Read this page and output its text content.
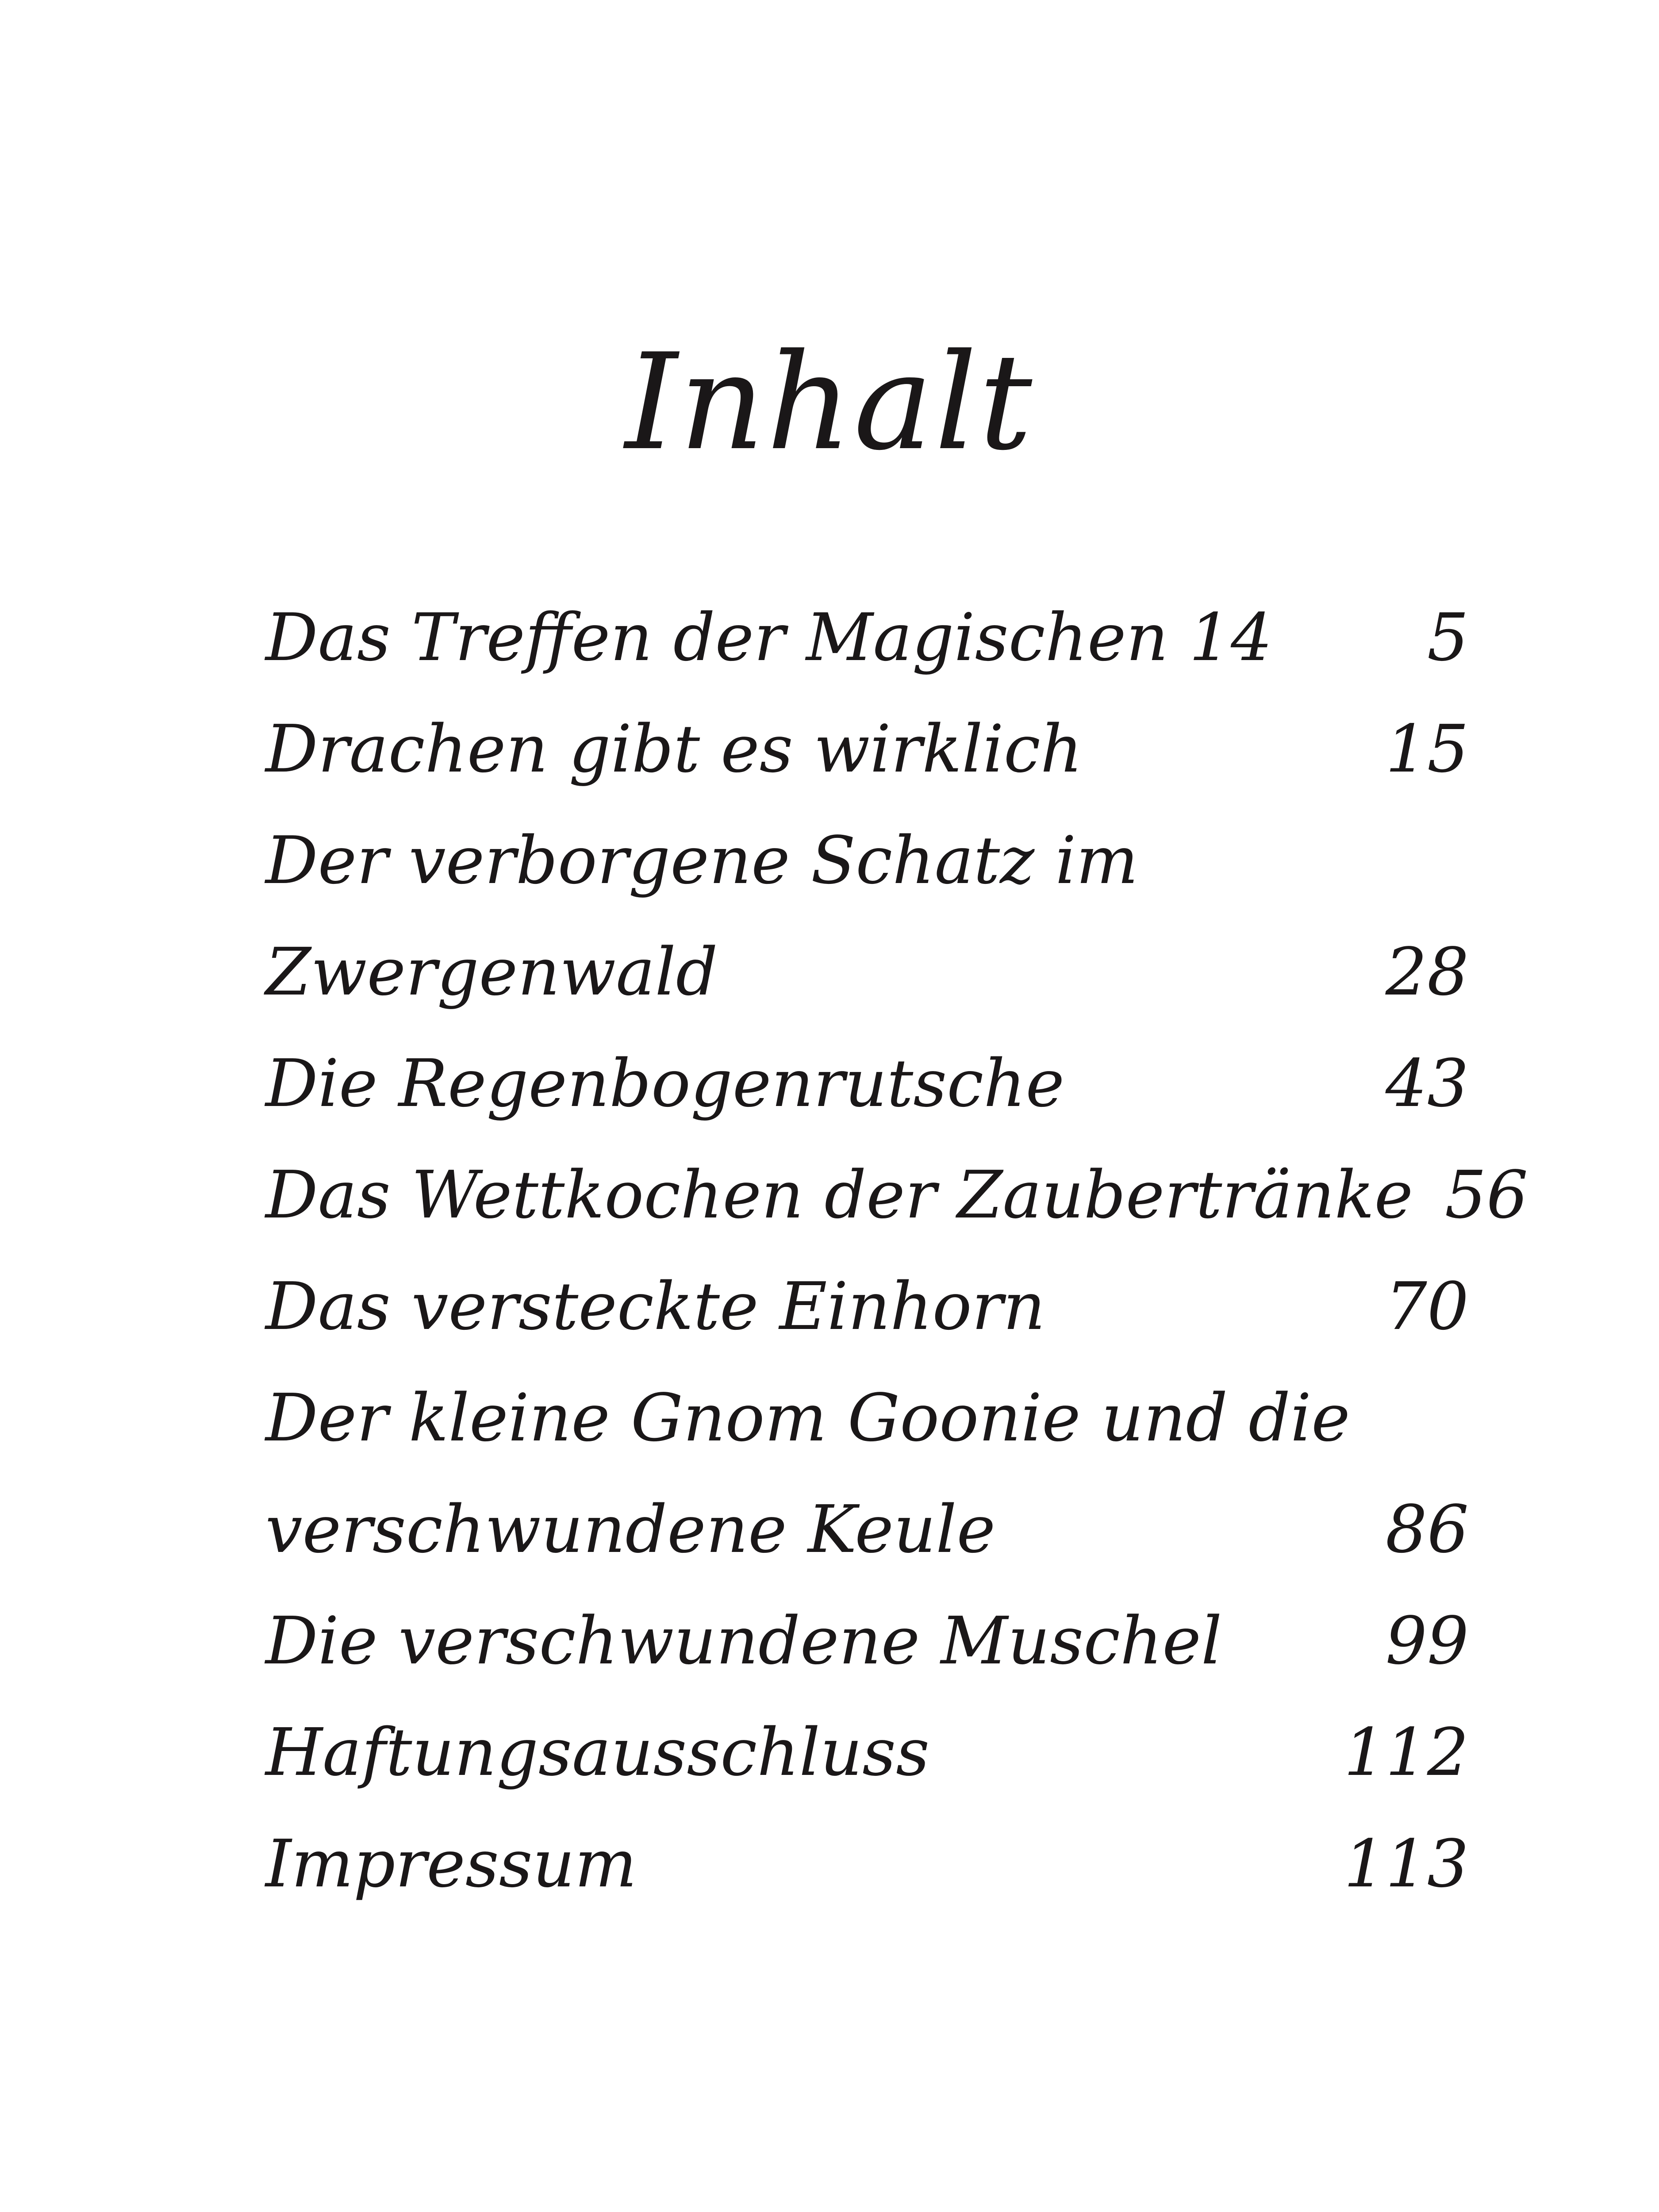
Inhalt
Das Treffen der Magischen 14	5
Drachen gibt es wirklich	15
Der verborgene Schatz im
Zwergenwald	28
Die Regenbogenrutsche	43
Das Wettkochen der Zaubertränke 56
Das versteckte Einhorn	70
Der kleine Gnom Goonie und die
verschwundene Keule	86
Die verschwundene Muschel	99
Haftungsausschluss	112
Impressum	113
